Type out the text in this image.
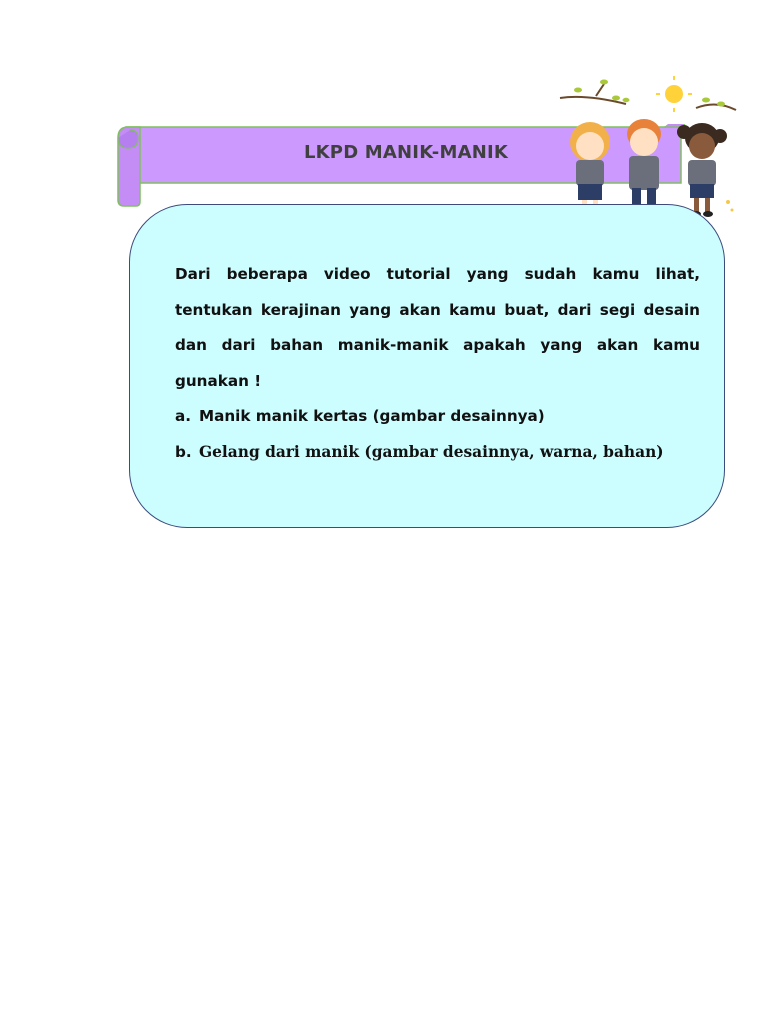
LKPD MANIK-MANIK

Dari beberapa video tutorial yang sudah kamu lihat, tentukan kerajinan yang akan kamu buat, dari segi desain dan dari bahan manik-manik apakah yang akan kamu gunakan !

a. Manik manik kertas (gambar desainnya)
b. Gelang dari manik (gambar desainnya, warna, bahan)
